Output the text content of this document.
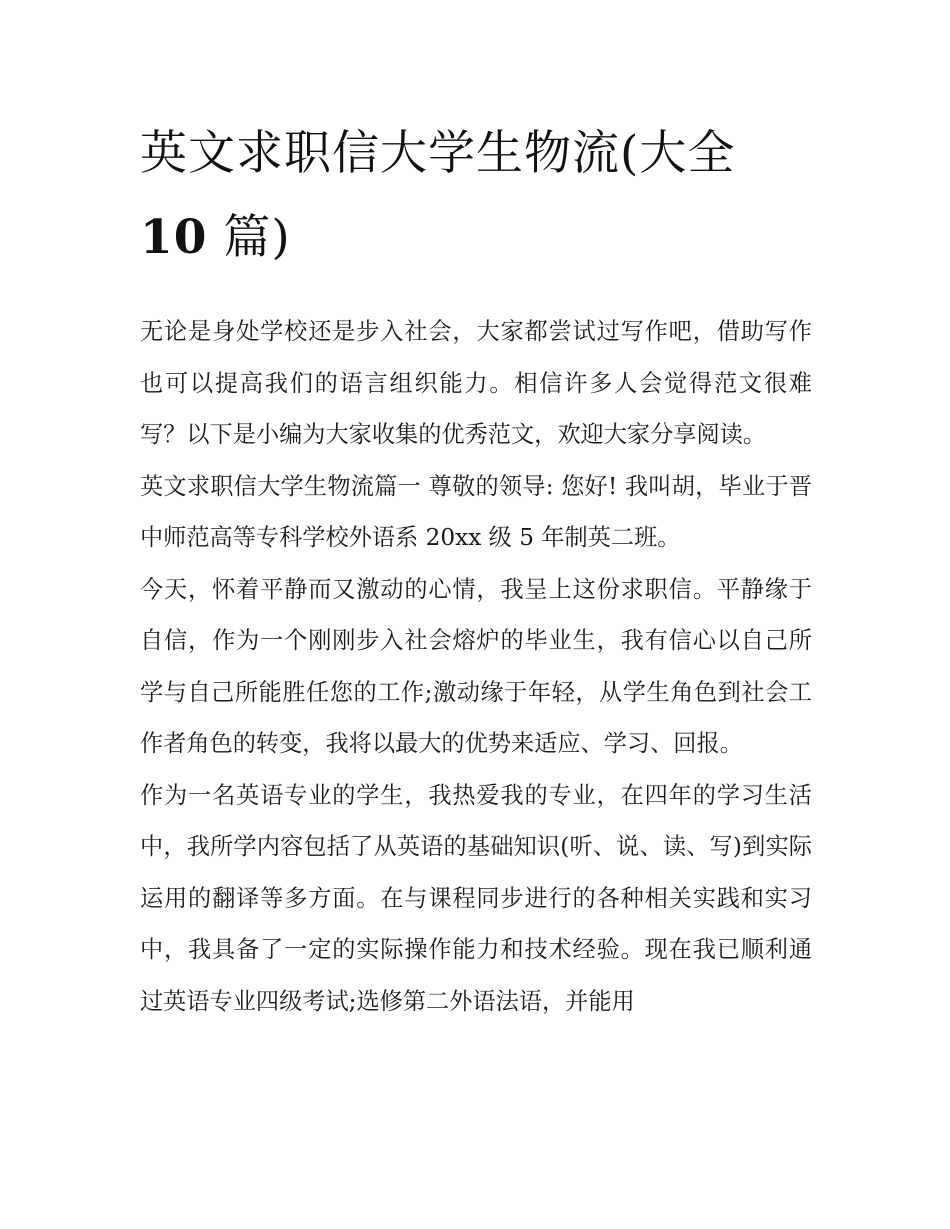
英文求职信大学生物流(大全
10 篇)

无论是身处学校还是步入社会，大家都尝试过写作吧，借助写作也可以提高我们的语言组织能力。相信许多人会觉得范文很难写？以下是小编为大家收集的优秀范文，欢迎大家分享阅读。

英文求职信大学生物流篇一 尊敬的领导: 您好! 我叫胡，毕业于晋中师范高等专科学校外语系 20xx 级 5 年制英二班。

今天，怀着平静而又激动的心情，我呈上这份求职信。平静缘于自信，作为一个刚刚步入社会熔炉的毕业生，我有信心以自己所学与自己所能胜任您的工作;激动缘于年轻，从学生角色到社会工作者角色的转变，我将以最大的优势来适应、学习、回报。

作为一名英语专业的学生，我热爱我的专业，在四年的学习生活中，我所学内容包括了从英语的基础知识(听、说、读、写)到实际运用的翻译等多方面。在与课程同步进行的各种相关实践和实习中，我具备了一定的实际操作能力和技术经验。现在我已顺利通过英语专业四级考试;选修第二外语法语，并能用
